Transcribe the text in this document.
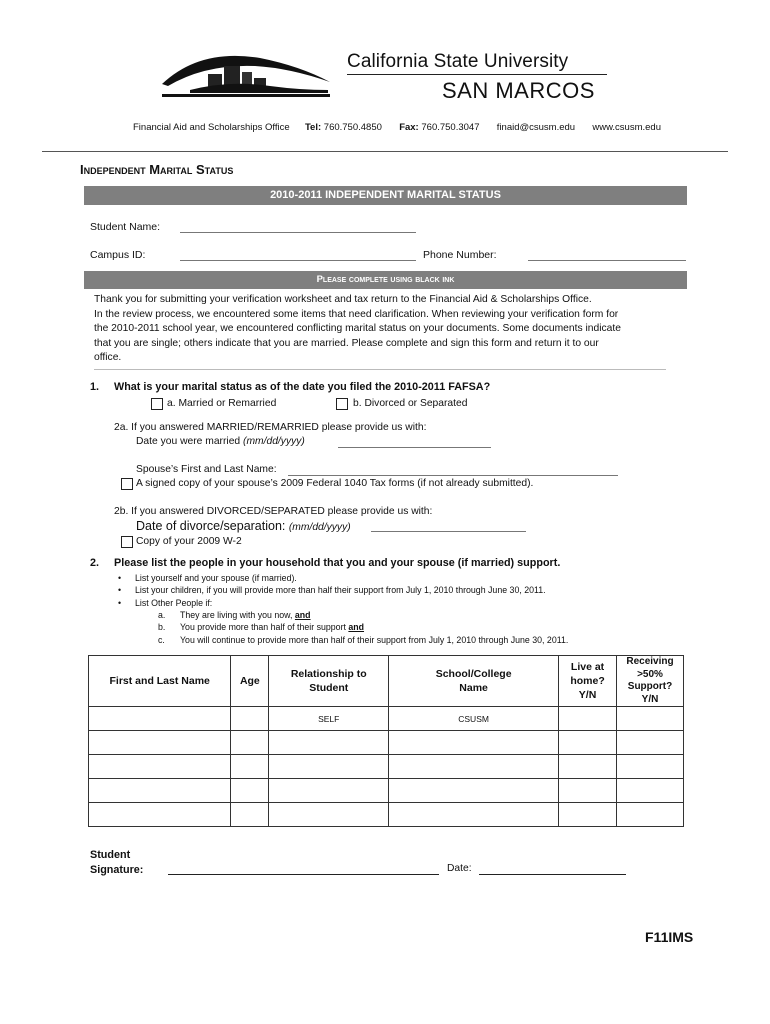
California State University
SAN MARCOS
Financial Aid and Scholarships Office Tel: 760.750.4850 Fax: 760.750.3047 finaid@csusm.edu www.csusm.edu
Independent Marital Status
2010-2011 INDEPENDENT MARITAL STATUS
Student Name:
Campus ID:	Phone Number:
Please complete using black ink
Thank you for submitting your verification worksheet and tax return to the Financial Aid & Scholarships Office.
In the review process, we encountered some items that need clarification. When reviewing your verification form for
the 2010-2011 school year, we encountered conflicting marital status on your documents. Some documents indicate
that you are single; others indicate that you are married. Please complete and sign this form and return it to our
office.
1. What is your marital status as of the date you filed the 2010-2011 FAFSA?
a. Married or Remarried	b. Divorced or Separated
2a. If you answered MARRIED/REMARRIED please provide us with:
Date you were married (mm/dd/yyyy)
Spouse’s First and Last Name:
A signed copy of your spouse’s 2009 Federal 1040 Tax forms (if not already submitted).
2b. If you answered DIVORCED/SEPARATED please provide us with:
Date of divorce/separation: (mm/dd/yyyy)
Copy of your 2009 W-2
2. Please list the people in your household that you and your spouse (if married) support.
• List yourself and your spouse (if married).
• List your children, if you will provide more than half their support from July 1, 2010 through June 30, 2011.
• List Other People if:
a. They are living with you now, and
b. You provide more than half of their support and
c. You will continue to provide more than half of their support from July 1, 2010 through June 30, 2011.
First and Last Name	Age	Relationship to Student	School/College Name	Live at home? Y/N	Receiving >50% Support? Y/N
		SELF	CSUSM		

Student
Signature:	Date:
F11IMS
